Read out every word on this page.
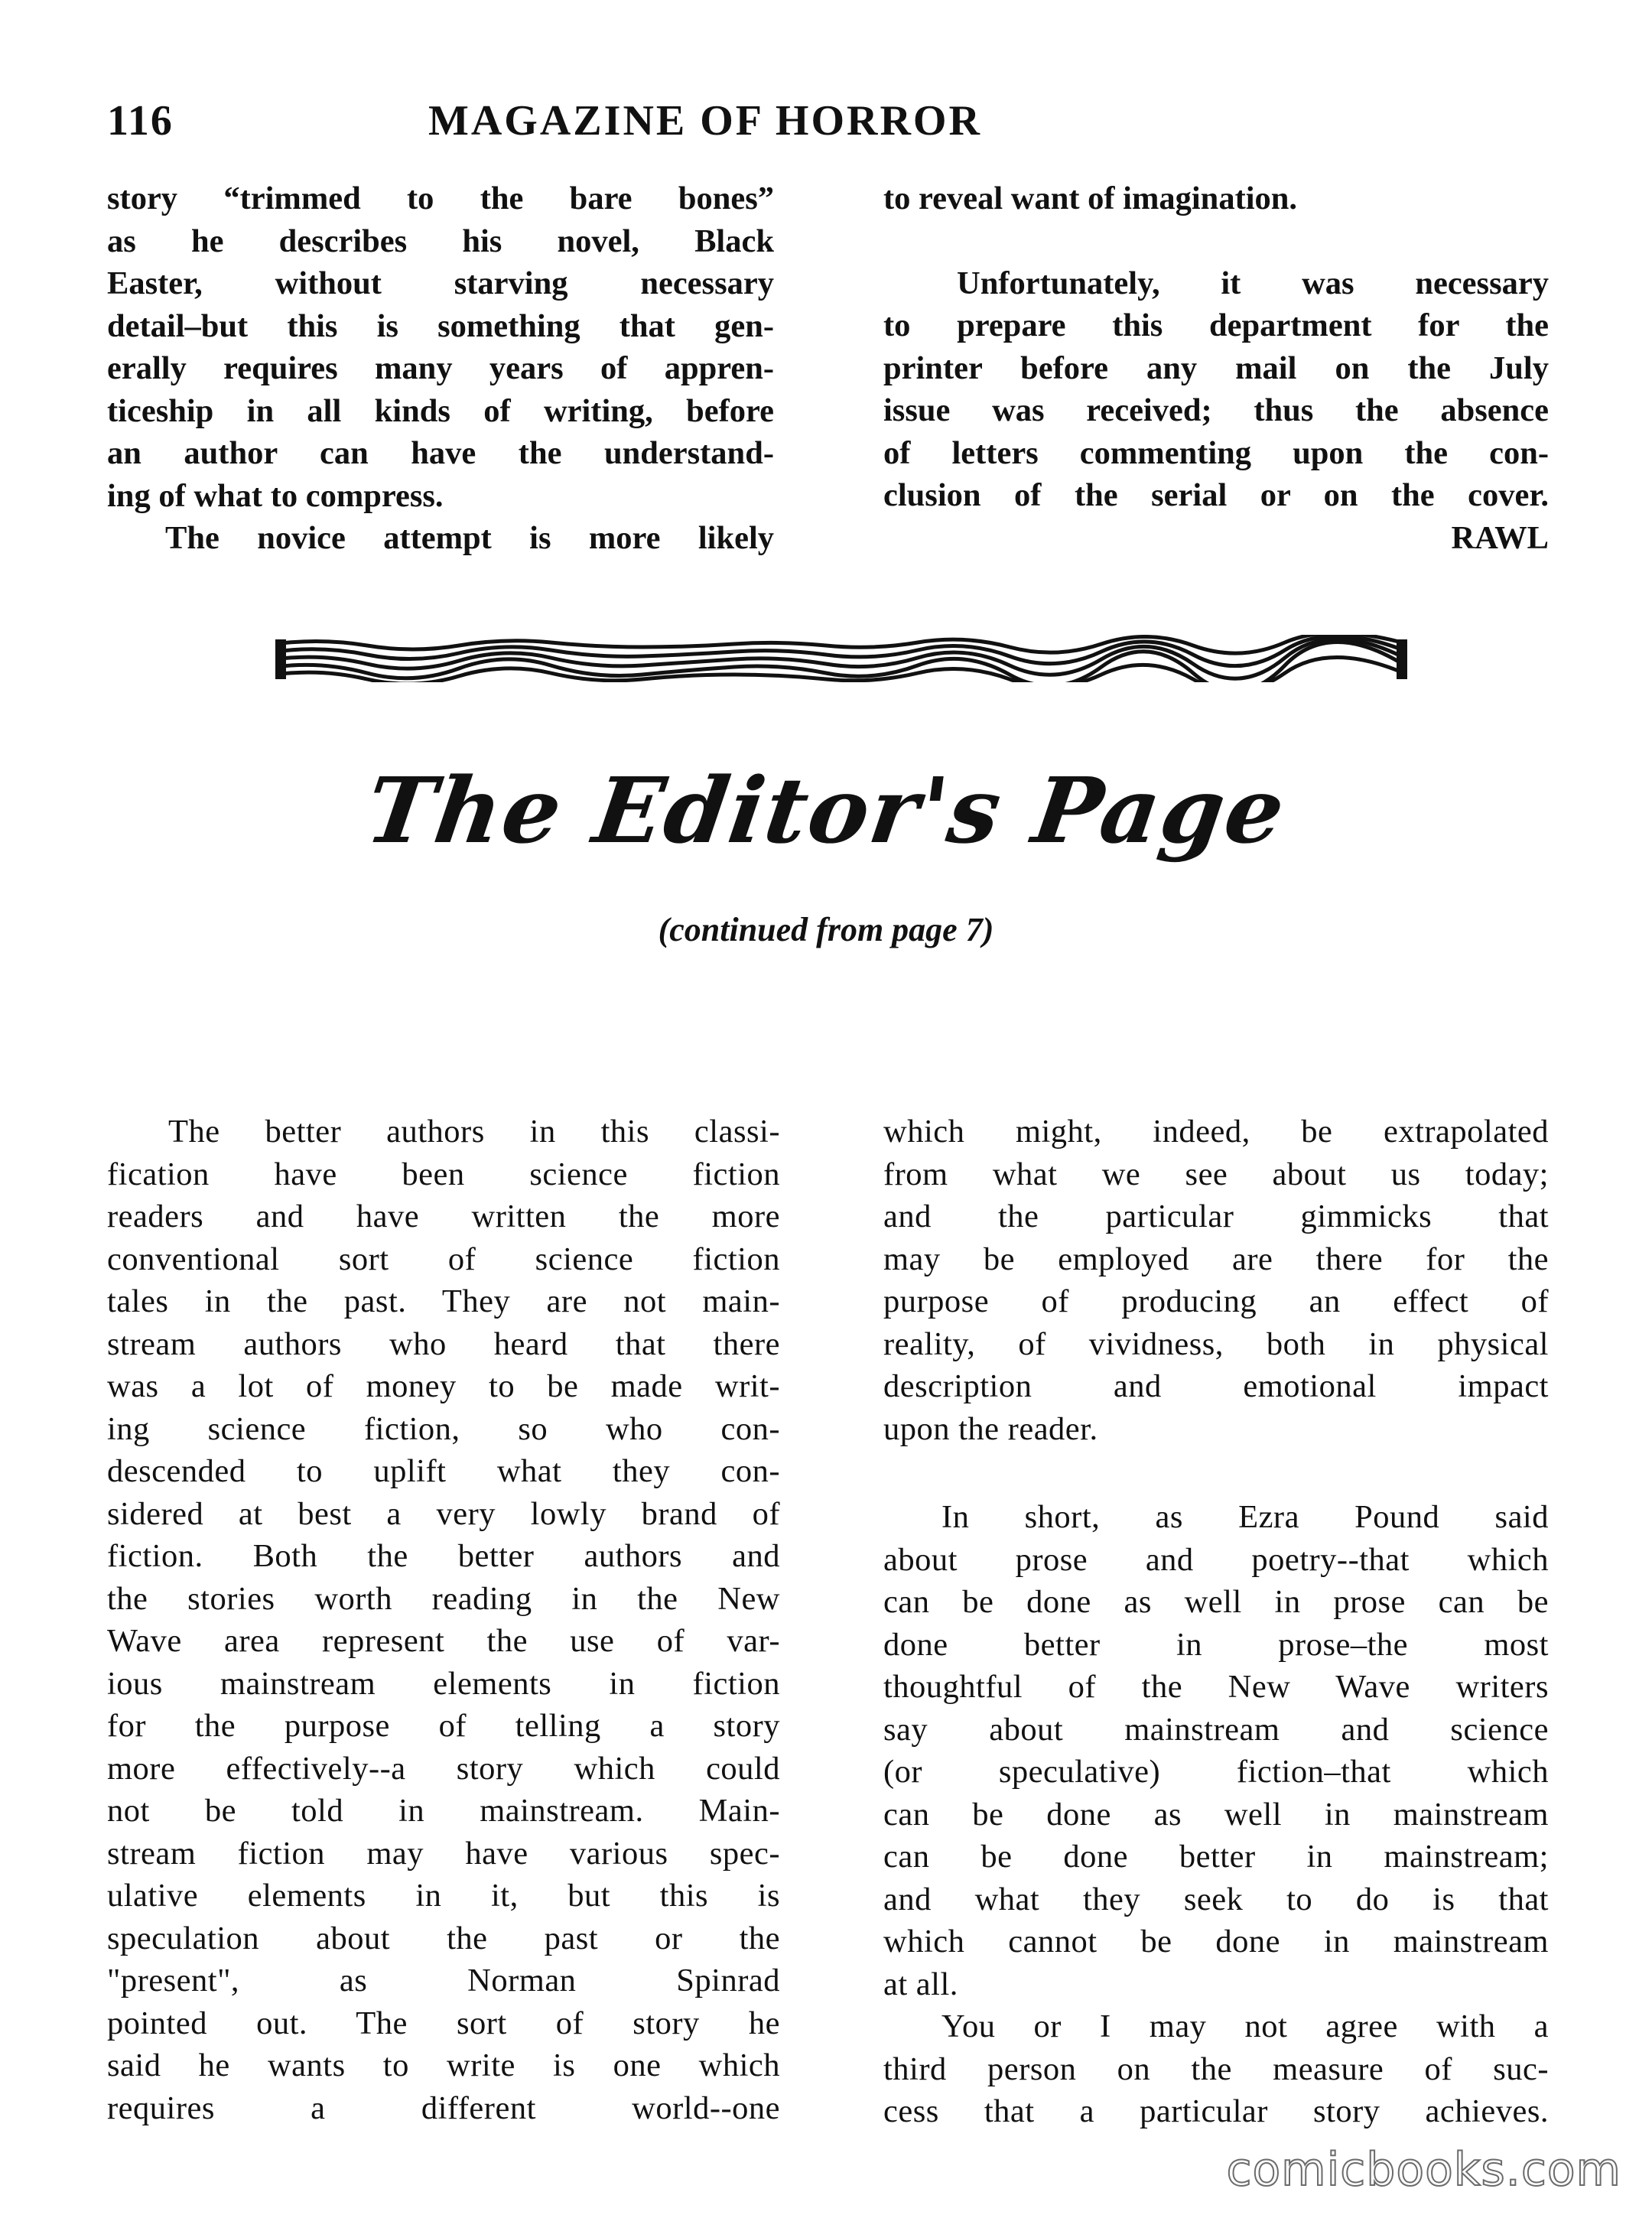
116	MAGAZINE OF HORROR
story “trimmed to the bare bones”
as he describes his novel, Black
Easter, without starving necessary
detail–but this is something that gen-
erally requires many years of appren-
ticeship in all kinds of writing, before
an author can have the understand-
ing of what to compress.
The novice attempt is more likely
to reveal want of imagination.
Unfortunately, it was necessary
to prepare this department for the
printer before any mail on the July
issue was received; thus the absence
of letters commenting upon the con-
clusion of the serial or on the cover.
RAWL
The Editor's Page
(continued from page 7)
The better authors in this classi-
fication have been science fiction
readers and have written the more
conventional sort of science fiction
tales in the past. They are not main-
stream authors who heard that there
was a lot of money to be made writ-
ing science fiction, so who con-
descended to uplift what they con-
sidered at best a very lowly brand of
fiction. Both the better authors and
the stories worth reading in the New
Wave area represent the use of var-
ious mainstream elements in fiction
for the purpose of telling a story
more effectively--a story which could
not be told in mainstream. Main-
stream fiction may have various spec-
ulative elements in it, but this is
speculation about the past or the
"present", as Norman Spinrad
pointed out. The sort of story he
said he wants to write is one which
requires a different world--one
which might, indeed, be extrapolated
from what we see about us today;
and the particular gimmicks that
may be employed are there for the
purpose of producing an effect of
reality, of vividness, both in physical
description and emotional impact
upon the reader.
In short, as Ezra Pound said
about prose and poetry--that which
can be done as well in prose can be
done better in prose–the most
thoughtful of the New Wave writers
say about mainstream and science
(or speculative) fiction–that which
can be done as well in mainstream
can be done better in mainstream;
and what they seek to do is that
which cannot be done in mainstream
at all.
You or I may not agree with a
third person on the measure of suc-
cess that a particular story achieves.
comicbooks.com
